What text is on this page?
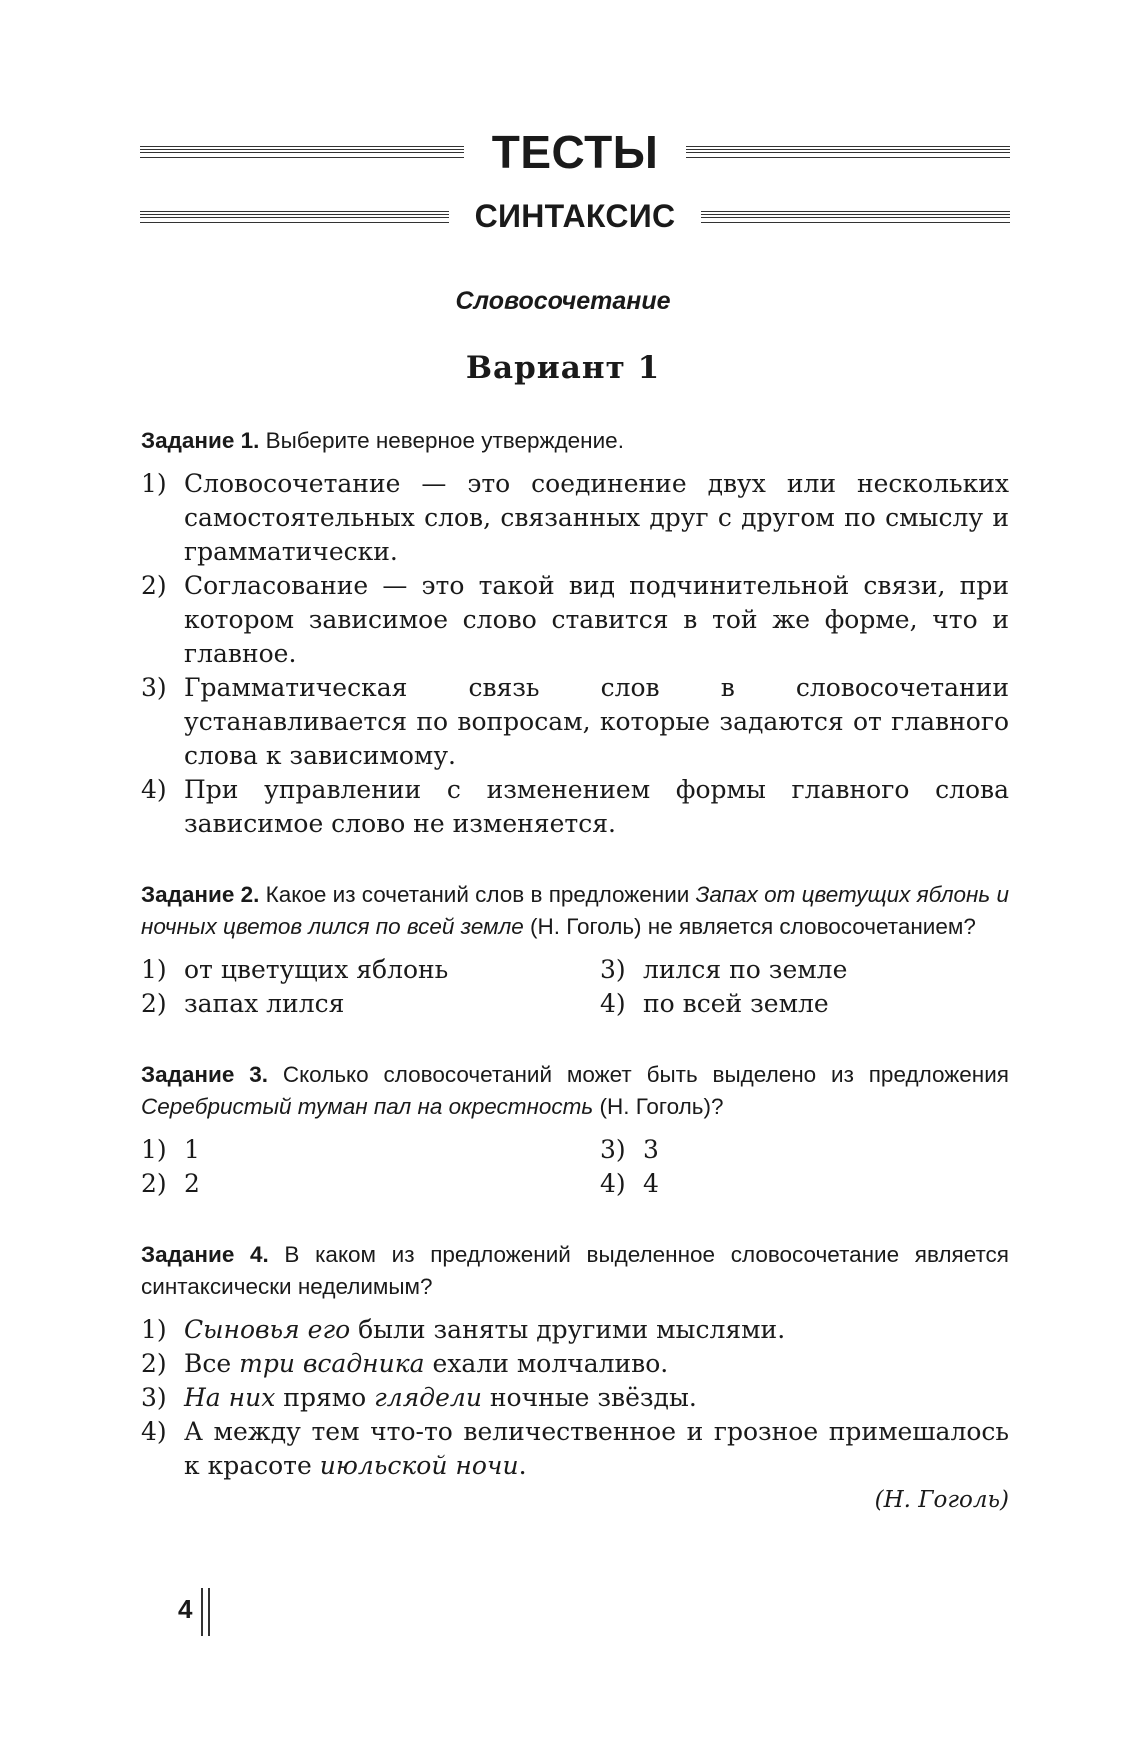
ТЕСТЫ
СИНТАКСИС
Словосочетание
Вариант 1

Задание 1. Выберите неверное утверждение.

1) Словосочетание — это соединение двух или нескольких самостоятельных слов, связанных друг с другом по смыслу и грамматически.
2) Согласование — это такой вид подчинительной связи, при котором зависимое слово ставится в той же форме, что и главное.
3) Грамматическая связь слов в словосочетании устанавливается по вопросам, которые задаются от главного слова к зависимому.
4) При управлении с изменением формы главного слова зависимое слово не изменяется.

Задание 2. Какое из сочетаний слов в предложении Запах от цветущих яблонь и ночных цветов лился по всей земле (Н. Гоголь) не является словосочетанием?

1) от цветущих яблонь	3) лился по земле
2) запах лился	4) по всей земле

Задание 3. Сколько словосочетаний может быть выделено из предложения Серебристый туман пал на окрестность (Н. Гоголь)?

1) 1	3) 3
2) 2	4) 4

Задание 4. В каком из предложений выделенное словосочетание является синтаксически неделимым?

1) Сыновья его были заняты другими мыслями.
2) Все три всадника ехали молчаливо.
3) На них прямо глядели ночные звёзды.
4) А между тем что-то величественное и грозное примешалось к красоте июльской ночи.
(Н. Гоголь)
4
